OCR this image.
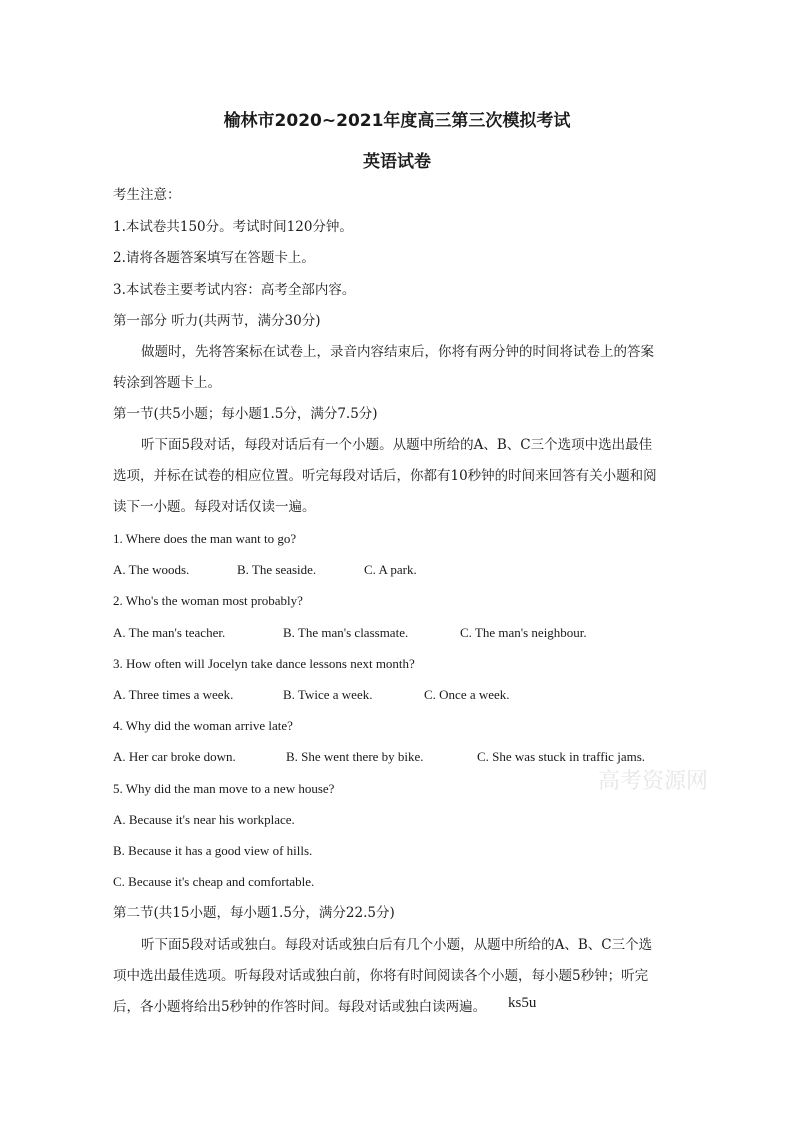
榆林市2020~2021年度高三第三次模拟考试
英语试卷
考生注意：
1.本试卷共150分。考试时间120分钟。
2.请将各题答案填写在答题卡上。
3.本试卷主要考试内容：高考全部内容。
第一部分 听力(共两节，满分30分)
做题时，先将答案标在试卷上，录音内容结束后，你将有两分钟的时间将试卷上的答案
转涂到答题卡上。
第一节(共5小题；每小题1.5分，满分7.5分)
听下面5段对话，每段对话后有一个小题。从题中所给的A、B、C三个选项中选出最佳
选项，并标在试卷的相应位置。听完每段对话后，你都有10秒钟的时间来回答有关小题和阅
读下一小题。每段对话仅读一遍。
1. Where does the man want to go?
A. The woods.	B. The seaside.	C. A park.
2. Who's the woman most probably?
A. The man's teacher.	B. The man's classmate.	C. The man's neighbour.
3. How often will Jocelyn take dance lessons next month?
A. Three times a week.	B. Twice a week.	C. Once a week.
4. Why did the woman arrive late?
A. Her car broke down.	B. She went there by bike.	C. She was stuck in traffic jams.
5. Why did the man move to a new house?
A. Because it's near his workplace.
B. Because it has a good view of hills.
C. Because it's cheap and comfortable.
第二节(共15小题，每小题1.5分，满分22.5分)
听下面5段对话或独白。每段对话或独白后有几个小题，从题中所给的A、B、C三个选
项中选出最佳选项。听每段对话或独白前，你将有时间阅读各个小题，每小题5秒钟；听完
后，各小题将给出5秒钟的作答时间。每段对话或独白读两遍。 ks5u
高考资源网
